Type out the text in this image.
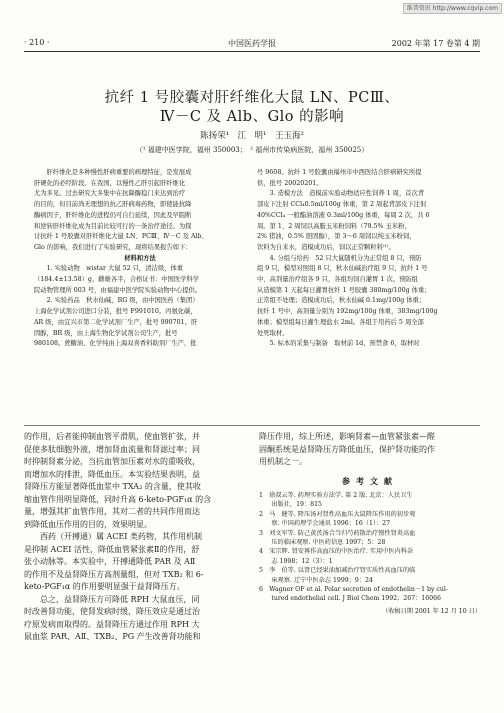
维普资讯 http://www.cqvip.com
· 210 ·	中国医药学报	2002 年第 17 卷第 4 期
抗纤 1 号胶囊对肝纤维化大鼠 LN、PCⅢ、
Ⅳ－C 及 Alb、Glo 的影响
陈扬荣¹　江　明¹　王玉海²
（¹ 福建中医学院，福州 350003；　² 福州市传染病医院，福州 350025）

　　肝纤维化是多种慢性肝病重要的病理特征，是发展成

肝硬化的必经阶段。在我国，以慢性乙肝引起肝纤维化

尤为多见。过去研究大多集中在抗降酶稳门来达到治疗

的目的，但目前尚无理想的抗乙肝病毒药物，即使能抗降

酶病因子，肝纤维化的进程仍可自行延续，因此及早阻断

和逆转肝纤维化成为目前比较可行的一条治疗途径。为探

讨抗纤 1 号胶囊对肝纤维化大鼠 LN、PCⅢ、Ⅳ－C 及 Alb、

Glo 的影响，我们进行了实验研究，现将结果报告如下：

材料和方法

　　1. 实验动物　wistar 大鼠 52 只，清洁级，体重

（184.4±13.58）g，雌雄各半，合格证书：中国医学科学

院动物管理所 003 号，由福建中医学院实验动物中心提供。

　　2. 实验药品　秋水仙碱，RG 级，由中国医药（集团）

上海化学试剂公司进口分装，批号 F991010。丙氨化碳，

AR 级，由宜兴市第二化学试剂厂生产，批号 990701。肝

固醇，BR 级，由上海生物化学试剂公司生产，批号

980108。蔗糖油、化学纯由上海双喜香料助剂厂生产，批

号 9608。抗纤 1 号胶囊由福州市中西医结合肝病研究所提

供，批号 20020201。

　　3. 造模方法　造模前实验动物适应性饲养 1 周，首次背

部皮下注射 CCl₄0.5ml/100g 体重，第 2 周起背部皮下注射

40%CCl₄ 一般酯油溶液 0.3ml/100g 体重，每周 2 次，共 6

周。第 1、2 周饲以高脂玉米粉饲料（79.5% 玉米粉，

2% 猪油，0.5% 胆固醇），第 3～6 周饲以纯玉米粉饲，

饮料为自来水，造模成功后，饲以正常颗粒料⁽¹⁾。

　　4. 分组与给药　52 只大鼠随机分为正常组 8 只，预防

组 9 只，模型对照组 8 只，秋水仙碱治疗组 9 只，抗纤 1 号

中、高剂量治疗组各 9 只，各组均饲自灌胃 1 次。预防组

从造模第 1 天起每日灌胃抗纤 1 号胶囊 380mg/100g 体重；

正常组不处理；造模成功后，秋水仙碱 0.1mg/100g 体重；

抗纤 1 号中、高剂量分别为 192mg/100g 体重，383mg/100g

体重；模型组每日灌生理盐水 2ml。各组于用药后 5 周全部

处死取材。

　　5. 标本的采集与制备　取材前 1d，预禁食 6，取材时

的作用，后者能抑制血管平滑肌，使血管扩张，并

促使多肽细胞外液，增加肾血流量和肾滤过率；同

时抑制肾素分泌，当抗血管加压素对水的重吸收，

而增加水的排泄，降低血压。本实验结果表明，益

肾降压方能显著降低血浆中 TXA₂ 的含量，使其收

缩血管作用明显降低，同时升高 6-keto-PGF₁α 的含

量，增强其扩血管作用，其对二者的共同作用而达

到降低血压作用的目的，效果明显。

　　西药（开搏通）属 ACEI 类药物，其作用机制

是抑制 ACEI 活性，降低血管紧张素Ⅱ的作用，舒

张小动脉等。本实验中，开搏通降低 PAR 及 AⅡ

的作用不及益肾降压方高剂量组，但对 TXB₂ 和 6-

keto-PGF₁α 的作用要明显强于益肾降压方。

　　总之，益肾降压方可降低 RPH 大鼠血压，同

时改善肾功能，使肾发病时缓，降压效应是通过治

疗原发病而取得的。益肾降压方通过作用 RPH 大

鼠血浆 PAR、AⅡ、TXB₂、PG 产生改善肾功能和

降压作用，综上所述，影响肾素—血管紧张素—醛

固酮系统是益肾降压方降低血压，保护肾功能的作

用机制之一。

参考文献

1　徐叔云等. 药理实验方法学. 第 2 版. 北京：人民卫生

　　出版社，19：815

2　马　健等. 降压汤对肾性高血压大鼠降压作用的初步观

　　察. 中国药理学会通讯 1996；16（1）：27

3　刘文军等. 防己黄芪汤合当归芍药散治疗慢性肾炎高血

　　压的临床观察. 中医药信息 1997；5：28

4　宋宗辉. 肾安再作高血压的中医治疗. 实用中医内科杂

　　志 1998；12（3）：1

5　李　伯等. 以肾已经果油加减治疗肾实质性高血压的临

　　床观察. 辽宁中医杂志 1999；9：24

6　Wagner OF et al. Polar secretion of endothelin－1 by cul-

　　tured endothelial cell. J Biol Chem 1992；267：16066

（收稿日期 2001 年 12 月 10 日）
